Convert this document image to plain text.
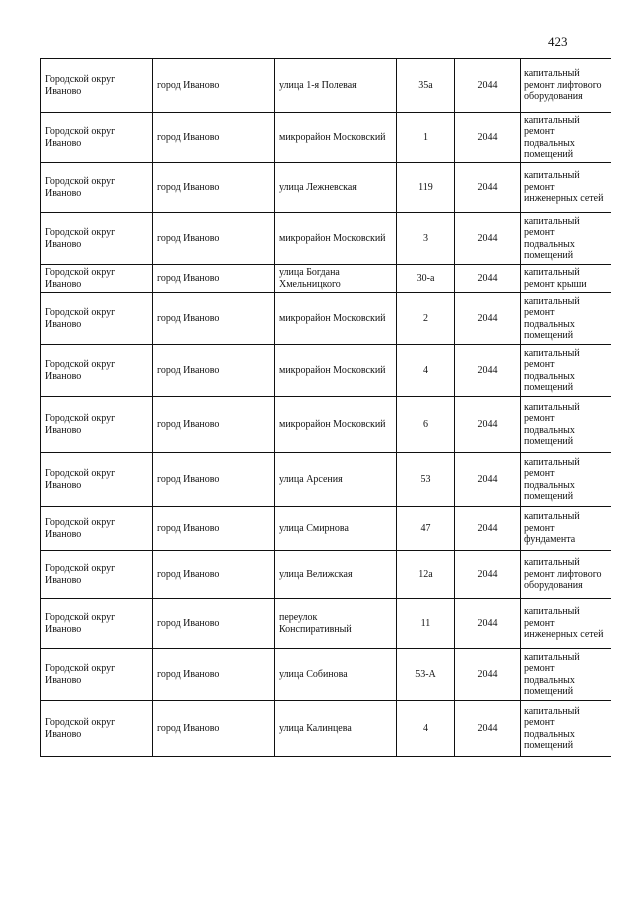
423
Городской округ Иваново	город Иваново	улица 1-я Полевая	35а	2044	капитальный ремонт лифтового оборудования
Городской округ Иваново	город Иваново	микрорайон Московский	1	2044	капитальный ремонт подвальных помещений
Городской округ Иваново	город Иваново	улица Лежневская	119	2044	капитальный ремонт инженерных сетей
Городской округ Иваново	город Иваново	микрорайон Московский	3	2044	капитальный ремонт подвальных помещений
Городской округ Иваново	город Иваново	улица Богдана Хмельницкого	30-а	2044	капитальный ремонт крыши
Городской округ Иваново	город Иваново	микрорайон Московский	2	2044	капитальный ремонт подвальных помещений
Городской округ Иваново	город Иваново	микрорайон Московский	4	2044	капитальный ремонт подвальных помещений
Городской округ Иваново	город Иваново	микрорайон Московский	6	2044	капитальный ремонт подвальных помещений
Городской округ Иваново	город Иваново	улица Арсения	53	2044	капитальный ремонт подвальных помещений
Городской округ Иваново	город Иваново	улица Смирнова	47	2044	капитальный ремонт фундамента
Городской округ Иваново	город Иваново	улица Велижская	12а	2044	капитальный ремонт лифтового оборудования
Городской округ Иваново	город Иваново	переулок Конспиративный	11	2044	капитальный ремонт инженерных сетей
Городской округ Иваново	город Иваново	улица Собинова	53-А	2044	капитальный ремонт подвальных помещений
Городской округ Иваново	город Иваново	улица Калинцева	4	2044	капитальный ремонт подвальных помещений
